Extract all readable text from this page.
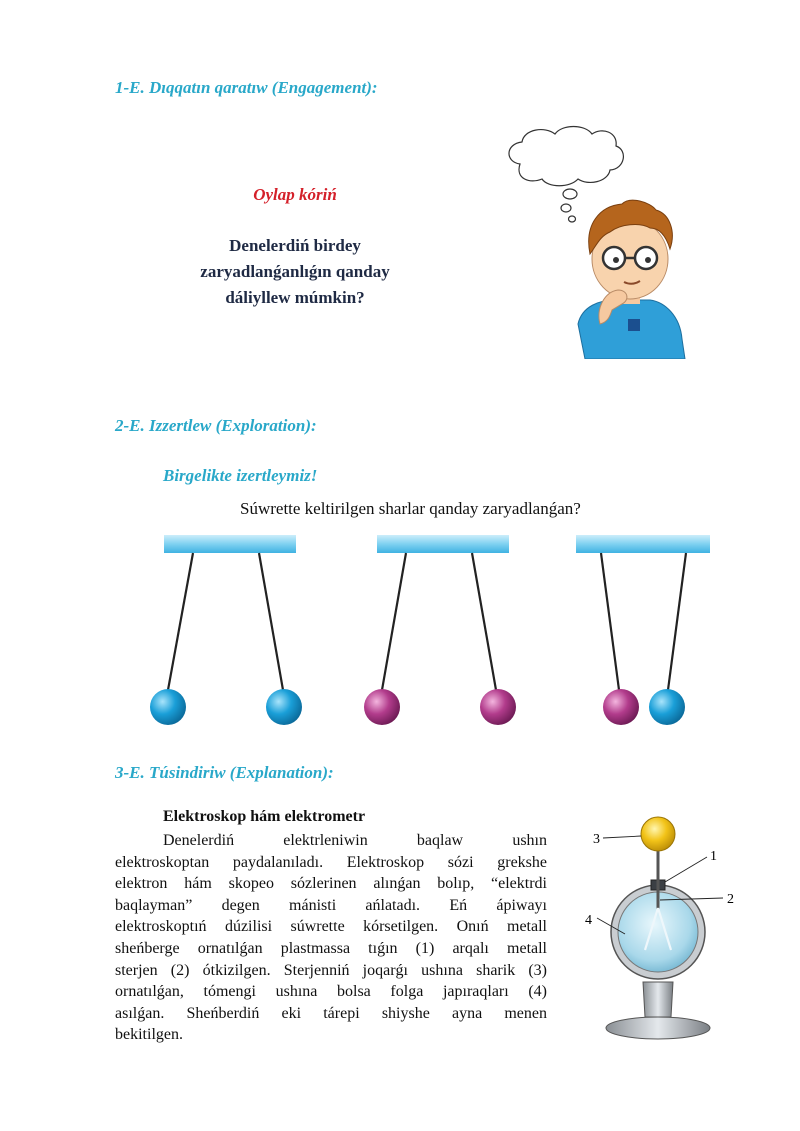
1-E. Dıqqatın qaratıw (Engagement):
Oylap kóriń
Denelerdiń birdey
zaryadlanǵanlıǵın qanday
dáliyllew múmkin?
2-E. Izzertlew (Exploration):
Birgelikte izertleymiz!
Súwrette keltirilgen sharlar qanday zaryadlanǵan?
3-E. Túsindiriw (Explanation):
Elektroskop hám elektrometr
Denelerdiń elektrleniwin baqlaw ushın
elektroskoptan paydalanıladı. Elektroskop sózi grekshe
elektron hám skopeo sózlerinen alınǵan bolıp, “elektrdi
baqlayman” degen mánisti ańlatadı. Eń ápiwayı
elektroskoptıń dúzilisi súwrette kórsetilgen. Onıń metall
sheńberge ornatılǵan plastmassa tıǵın (1) arqalı metall
sterjen (2) ótkizilgen. Sterjenniń joqarǵı ushına sharik (3)
ornatılǵan, tómengi ushına bolsa folga japıraqları (4)
asılǵan. Sheńberdiń eki tárepi shiyshe ayna menen
bekitilgen.
3
1
2
4
